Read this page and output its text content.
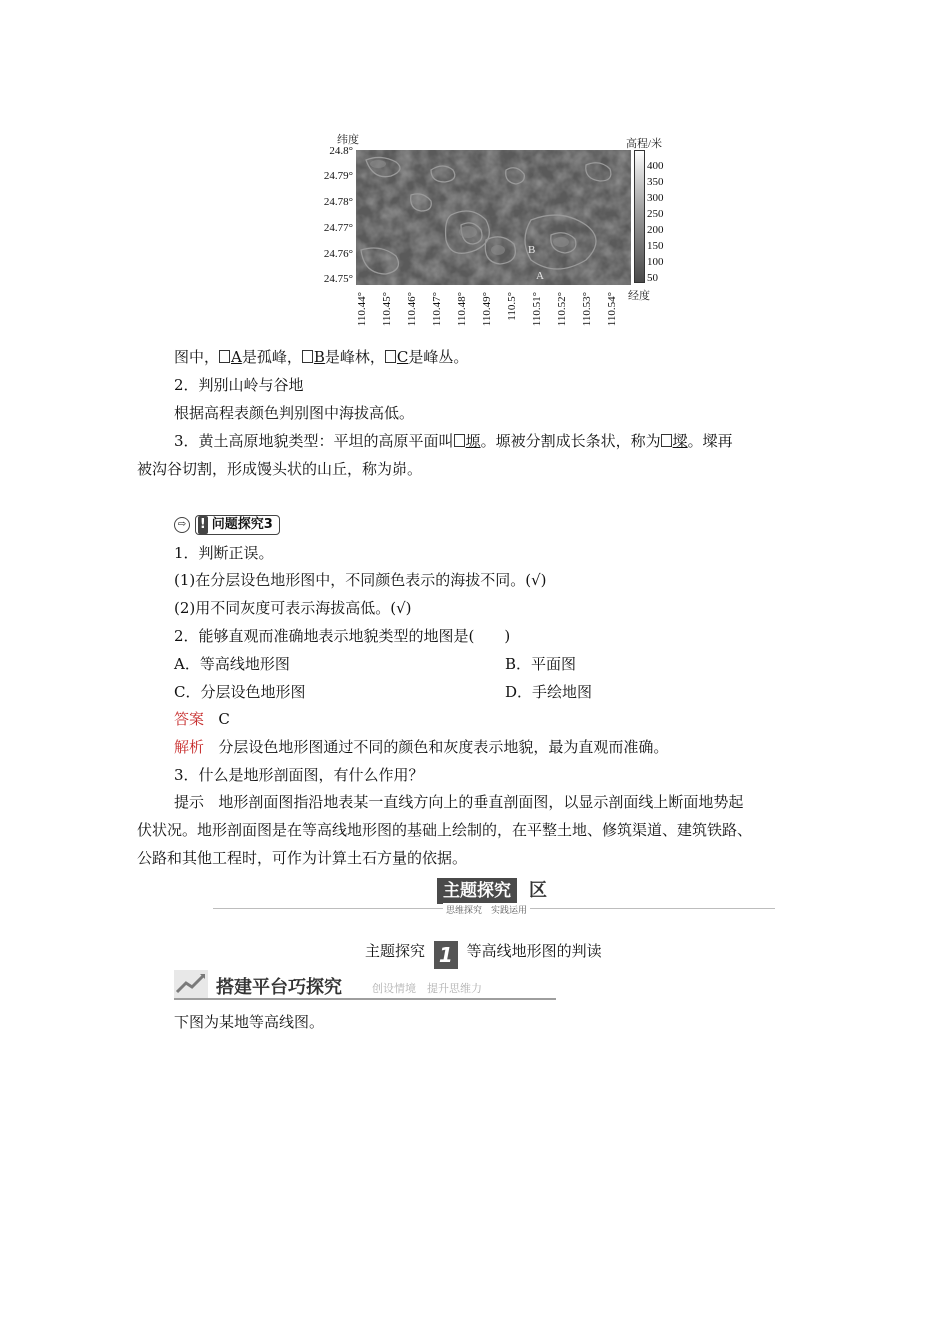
纬度	高程/米
24.8°
24.79°
24.78°
24.77°
24.76°
24.75°
B
A
400
350
300
250
200
150
100
50
经度
110.44° 110.45° 110.46° 110.47° 110.48° 110.49° 110.5° 110.51° 110.52° 110.53° 110.54°
图中， A是孤峰， B是峰林， C是峰丛。
2．判别山岭与谷地
根据高程表颜色判别图中海拔高低。
3．黄土高原地貌类型：平坦的高原平面叫 塬。塬被分割成长条状，称为 墚。墚再
被沟谷切割，形成馒头状的山丘，称为峁。
⇨ ! 问题探究3
1．判断正误。
(1)在分层设色地形图中，不同颜色表示的海拔不同。(√)
(2)用不同灰度可表示海拔高低。(√)
2．能够直观而准确地表示地貌类型的地图是(　　)
A．等高线地形图	B．平面图
C．分层设色地形图	D．手绘地图
答案 C
解析 分层设色地形图通过不同的颜色和灰度表示地貌，最为直观而准确。
3．什么是地形剖面图，有什么作用？
提示 地形剖面图指沿地表某一直线方向上的垂直剖面图，以显示剖面线上断面地势起
伏状况。地形剖面图是在等高线地形图的基础上绘制的，在平整土地、修筑渠道、建筑铁路、
公路和其他工程时，可作为计算土石方量的依据。
主题探究	区
思维探究　实践运用
主题探究 1 等高线地形图的判读
搭建平台巧探究	创设情境　提升思维力
下图为某地等高线图。
